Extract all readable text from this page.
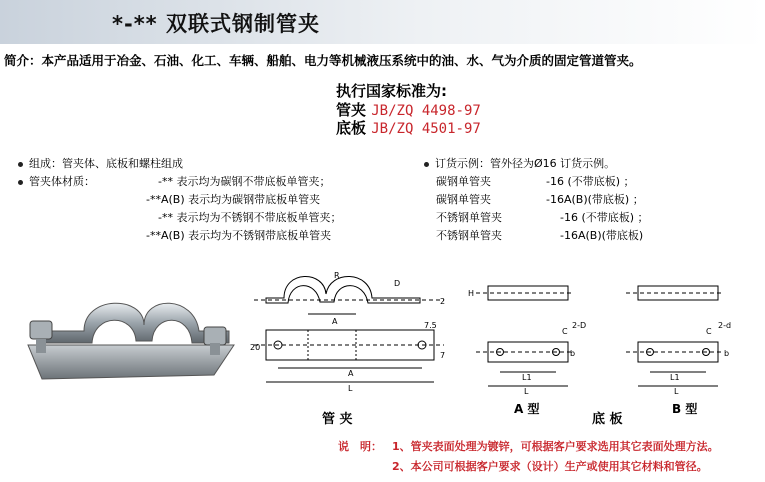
*-** 双联式钢制管夹
简介：本产品适用于冶金、石油、化工、车辆、船舶、电力等机械液压系统中的油、水、气为介质的固定管道管夹。
执行国家标准为:
管夹 JB/ZQ 4498-97
底板 JB/ZQ 4501-97
组成：管夹体、底板和螺柱组成
管夹体材质：	-** 表示均为碳钢不带底板单管夹；
-**A(B) 表示均为碳钢带底板单管夹
-** 表示均为不锈钢不带底板单管夹；
-**A(B) 表示均为不锈钢带底板单管夹
订货示例：管外径为Ø16 订货示例。
碳钢单管夹	-16 (不带底板) ；
碳钢单管夹	-16A(B)(带底板) ；
不锈钢单管夹	-16 (不带底板) ；
不锈钢单管夹	-16A(B)(带底板)
R
D
A
2
20
7.5
7
A
L
H
C
2-D
b
L1
L
C
2-d
b
L1
L
管 夹
A 型
底 板
B 型
说　明： 1、管夹表面处理为镀锌，可根据客户要求选用其它表面处理方法。
2、本公司可根据客户要求（设计）生产或使用其它材料和管径。
